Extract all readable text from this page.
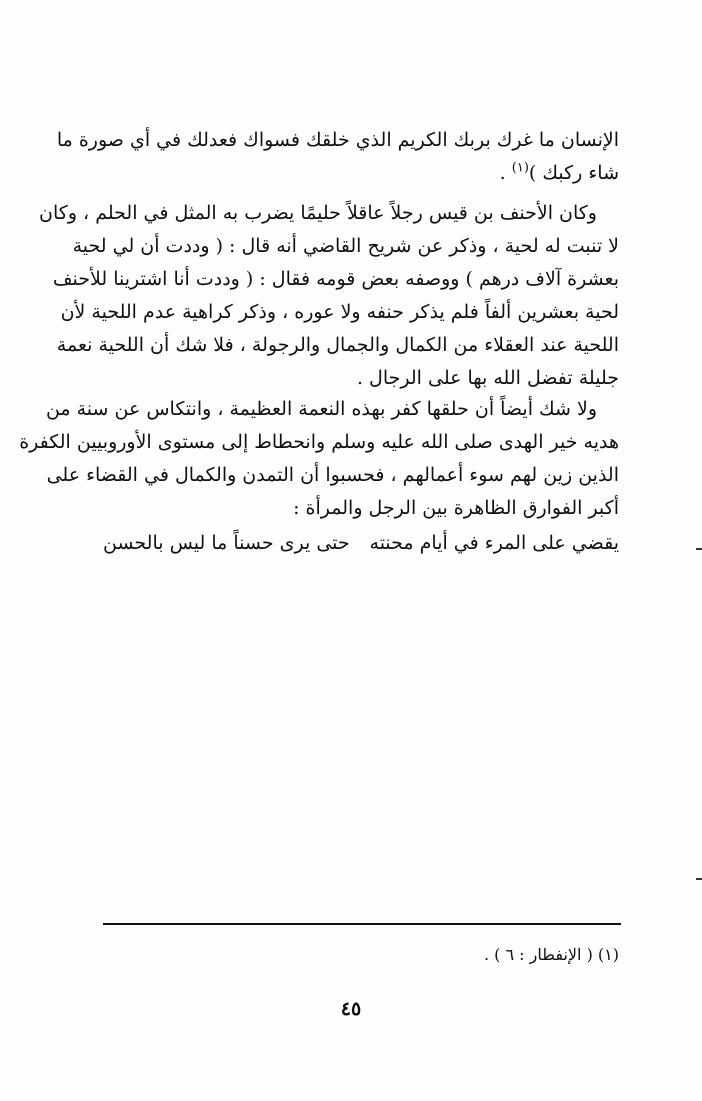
الإنسان ما غرك بربك الكريم الذي خلقك فسواك فعدلك في أي صورة ما
شاء ركبك )$^{(١)}$ .
وكان الأحنف بن قيس رجلاً عاقلاً حليمًا يضرب به المثل في الحلم ، وكان
لا تنبت له لحية ، وذكر عن شريح القاضي أنه قال : ( وددت أن لي لحية
بعشرة آلاف درهم ) ووصفه بعض قومه فقال : ( وددت أنا اشترينا للأحنف
لحية بعشرين ألفاً فلم يذكر حنفه ولا عوره ، وذكر كراهية عدم اللحية لأن
اللحية عند العقلاء من الكمال والجمال والرجولة ، فلا شك أن اللحية نعمة
جليلة تفضل الله بها على الرجال .
ولا شك أيضاً أن حلقها كفر بهذه النعمة العظيمة ، وانتكاس عن سنة من
هديه خير الهدى صلى الله عليه وسلم وانحطاط إلى مستوى الأوروبيين الكفرة
الذين زين لهم سوء أعمالهم ، فحسبوا أن التمدن والكمال في القضاء على
أكبر الفوارق الظاهرة بين الرجل والمرأة :
يقضي على المرء في أيام محنته
حتى يرى حسناً ما ليس بالحسن
(١) ( الإنفطار : ٦ ) .
٤٥
